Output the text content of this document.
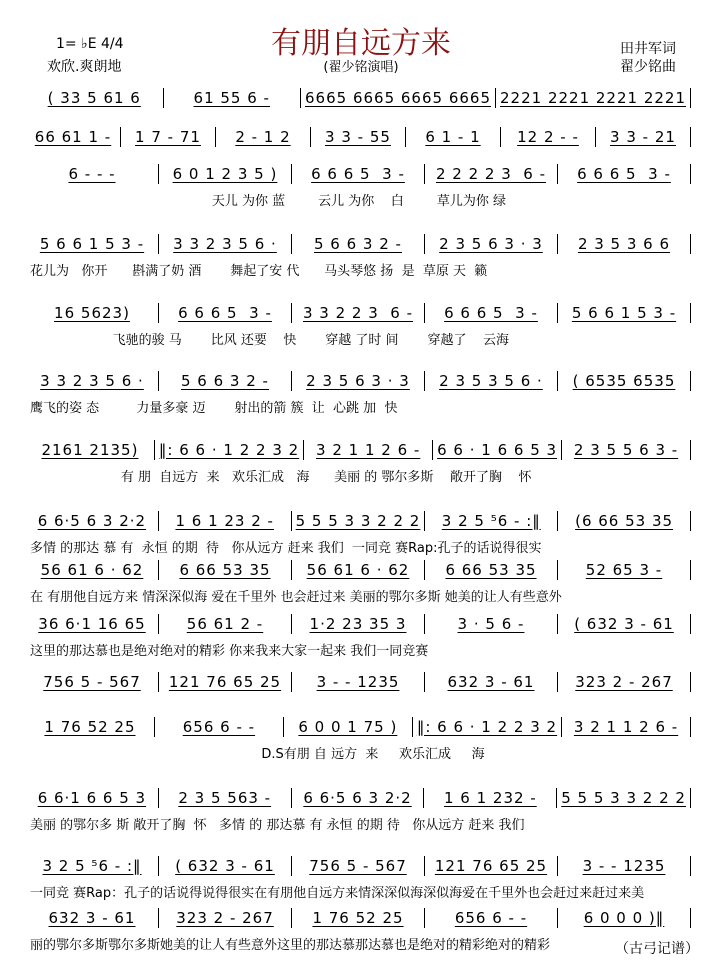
有朋自远方来
(翟少铭演唱)
1= ♭E 4/4
欢欣.爽朗地
田井军词
翟少铭曲
( 33 5 61 6	61 55 6 -	6665 6665 6665 6665 2221 2221 2221 2221
66 61 1 -	1 7 - 71	2 - 1 2	3 3 - 55	6 1 - 1	12 2 - -	3 3 - 21
6 - - -	6 0 1 2 3 5 )	6 6 6 5  3 -	2 2 2 2 3  6 -	6 6 6 5  3 -
天儿 为你 蓝        云儿 为你    白        草儿为你 绿
5 6 6 1 5 3 -	3 3 2 3 5 6 ·	5 6 6 3 2 -	2 3 5 6 3 · 3	2 3 5 3 6 6
花儿为   你开      斟满了奶 酒       舞起了安 代      马头琴悠 扬  是  草原 天  籁
16 5623)	6 6 6 5  3 -	3 3 2 2 3  6 -	6 6 6 5  3 -	5 6 6 1 5 3 -
飞驰的骏 马       比风 还要    快       穿越 了时 间       穿越了    云海
3 3 2 3 5 6 ·	5 6 6 3 2 -	2 3 5 6 3 · 3	2 3 5 3 5 6 ·	( 6535 6535
鹰飞的姿 态         力量多豪 迈       射出的箭 簇  让  心跳 加  快
2161 2135)	‖: 6 6 · 1 2 2 3 2	3 2 1 1 2 6 -	6 6 · 1 6 6 5 3	2 3 5 5 6 3 -
有 朋  自远方  来   欢乐汇成   海      美丽 的 鄂尔多斯    敞开了胸    怀
6 6·5 6 3 2·2	1 6 1 23 2 -	5 5 5 3 3 2 2 2	3 2 5 ⁵6 - :‖	(6 66 53 35
多情 的那达 慕 有  永恒 的期  待   你从远方 赶来 我们  一同竞 赛Rap:孔子的话说得很实
56 61 6 · 62	6 66 53 35	56 61 6 · 62	6 66 53 35	52 65 3 -
在 有朋他自远方来 情深深似海 爱在千里外 也会赶过来 美丽的鄂尔多斯 她美的让人有些意外
36 6·1 16 65	56 61 2 -	1·2 23 35 3	3 · 5 6 -	( 632 3 - 61
这里的那达慕也是绝对绝对的精彩 你来我来大家一起来 我们一同竞赛
756 5 - 567	121 76 65 25	3 - - 1235	632 3 - 61	323 2 - 267
1 76 52 25	656 6 - -	6 0 0 1 75 )	‖: 6 6 · 1 2 2 3 2	3 2 1 1 2 6 -
D.S有朋 自 远方  来     欢乐汇成     海
6 6·1 6 6 5 3	2 3 5 563 -	6 6·5 6 3 2·2	1 6 1 232 -	5 5 5 3 3 2 2 2
美丽 的鄂尔多 斯 敞开了胸  怀   多情 的 那达慕 有 永恒 的期 待   你从远方 赶来 我们
3 2 5 ⁵6 - :‖	( 632 3 - 61	756 5 - 567	121 76 65 25	3 - - 1235
一同竞 赛Rap：孔子的话说得说得很实在有朋他自远方来情深深似海深似海爱在千里外也会赶过来赶过来美
632 3 - 61	323 2 - 267	1 76 52 25	656 6 - -	6 0 0 0 )‖
丽的鄂尔多斯鄂尔多斯她美的让人有些意外这里的那达慕那达慕也是绝对的精彩绝对的精彩	（古弓记谱）
